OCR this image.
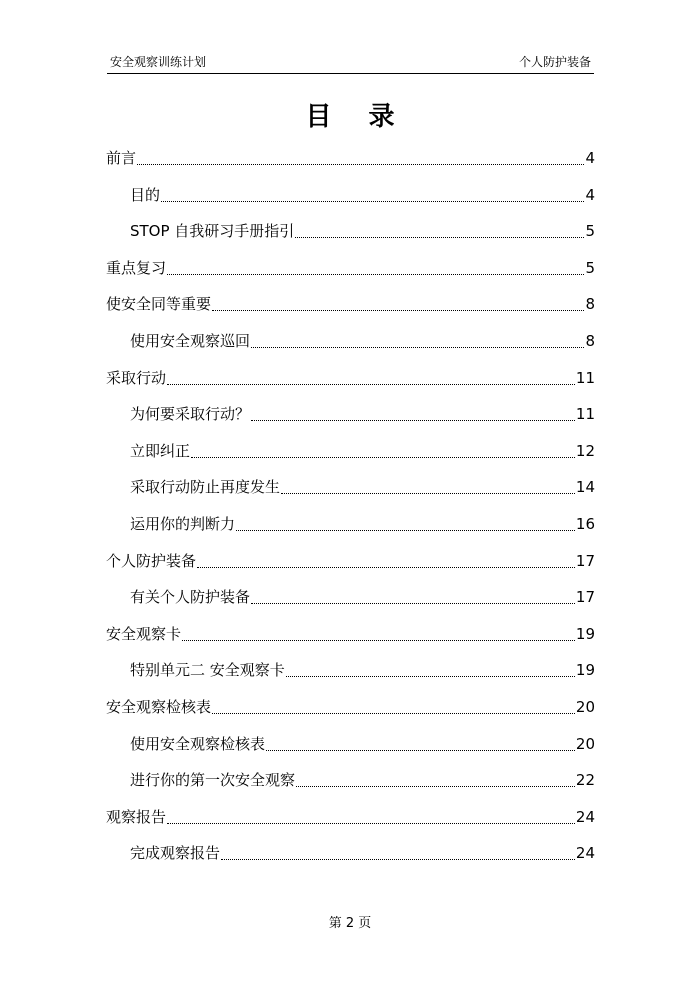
安全观察训练计划	个人防护装备
目 录
前言	4
目的	4
STOP 自我研习手册指引	5
重点复习	5
使安全同等重要	8
使用安全观察巡回	8
采取行动	11
为何要采取行动？	11
立即纠正	12
采取行动防止再度发生	14
运用你的判断力	16
个人防护装备	17
有关个人防护装备	17
安全观察卡	19
特别单元二 安全观察卡	19
安全观察检核表	20
使用安全观察检核表	20
进行你的第一次安全观察	22
观察报告	24
完成观察报告	24
第 2 页
